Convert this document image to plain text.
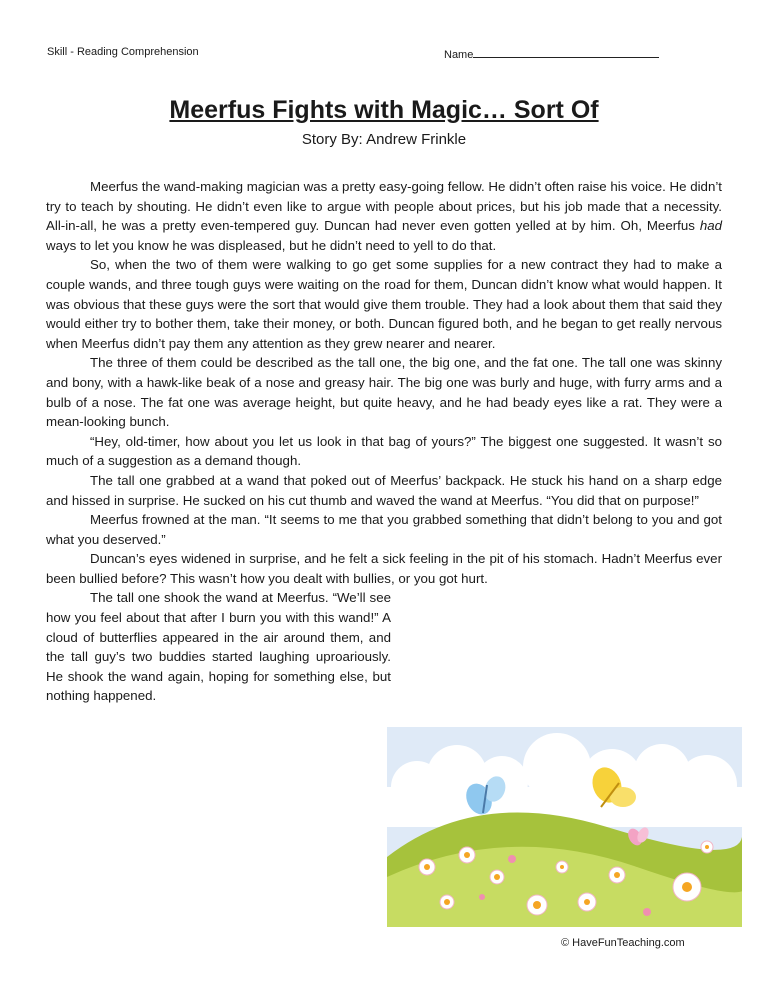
Skill - Reading Comprehension	Name
Meerfus Fights with Magic… Sort Of
Story By: Andrew Frinkle

Meerfus the wand-making magician was a pretty easy-going fellow. He didn’t often raise his voice. He didn’t try to teach by shouting. He didn’t even like to argue with people about prices, but his job made that a necessity. All-in-all, he was a pretty even-tempered guy. Duncan had never even gotten yelled at by him. Oh, Meerfus had ways to let you know he was displeased, but he didn’t need to yell to do that.

So, when the two of them were walking to go get some supplies for a new contract they had to make a couple wands, and three tough guys were waiting on the road for them, Duncan didn’t know what would happen. It was obvious that these guys were the sort that would give them trouble. They had a look about them that said they would either try to bother them, take their money, or both. Duncan figured both, and he began to get really nervous when Meerfus didn’t pay them any attention as they grew nearer and nearer.

The three of them could be described as the tall one, the big one, and the fat one. The tall one was skinny and bony, with a hawk-like beak of a nose and greasy hair. The big one was burly and huge, with furry arms and a bulb of a nose. The fat one was average height, but quite heavy, and he had beady eyes like a rat. They were a mean-looking bunch.

“Hey, old-timer, how about you let us look in that bag of yours?” The biggest one suggested. It wasn’t so much of a suggestion as a demand though.

The tall one grabbed at a wand that poked out of Meerfus’ backpack. He stuck his hand on a sharp edge and hissed in surprise. He sucked on his cut thumb and waved the wand at Meerfus. “You did that on purpose!”

Meerfus frowned at the man. “It seems to me that you grabbed something that didn’t belong to you and got what you deserved.”

Duncan’s eyes widened in surprise, and he felt a sick feeling in the pit of his stomach. Hadn’t Meerfus ever been bullied before? This wasn’t how you dealt with bullies, or you got hurt.

The tall one shook the wand at Meerfus. “We’ll see how you feel about that after I burn you with this wand!” A cloud of butterflies appeared in the air around them, and the tall guy’s two buddies started laughing uproariously. He shook the wand again, hoping for something else, but nothing happened.

© HaveFunTeaching.com
